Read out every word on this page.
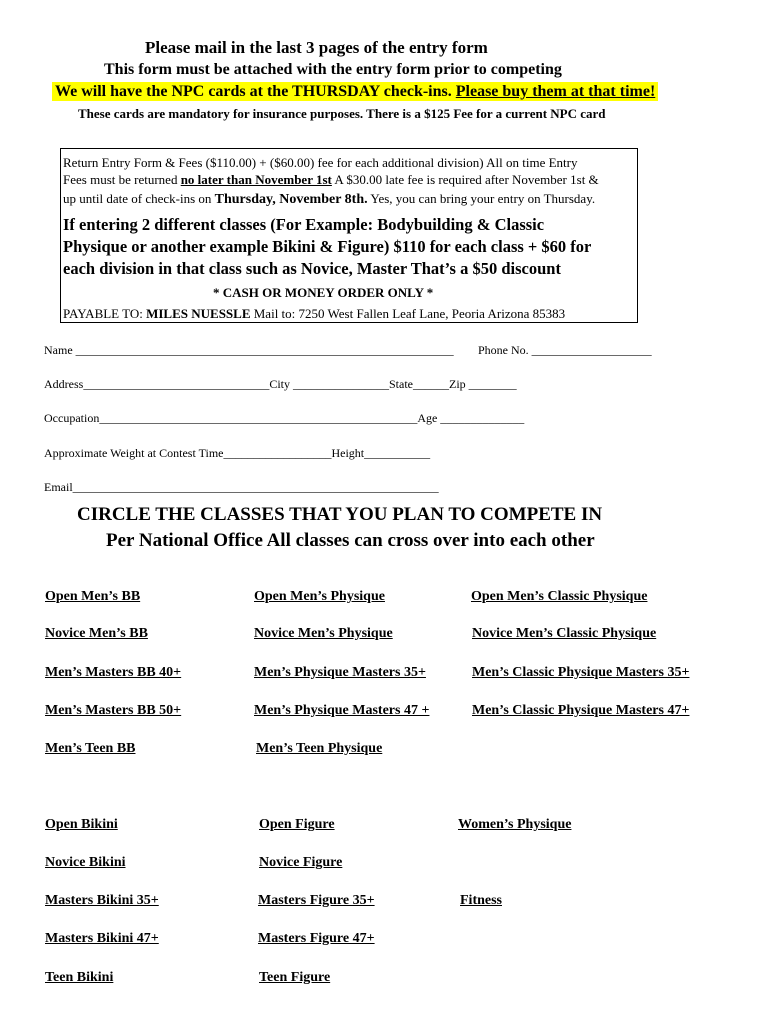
Please mail in the last 3 pages of the entry form
This form must be attached with the entry form prior to competing
We will have the NPC cards at the THURSDAY check-ins. Please buy them at that time!
These cards are mandatory for insurance purposes. There is a $125 Fee for a current NPC card
Return Entry Form & Fees ($110.00) + ($60.00) fee for each additional division) All on time Entry
Fees must be returned no later than November 1st A $30.00 late fee is required after November 1st &
up until date of check-ins on Thursday, November 8th. Yes, you can bring your entry on Thursday.
If entering 2 different classes (For Example: Bodybuilding & Classic
Physique or another example Bikini & Figure) $110 for each class + $60 for
each division in that class such as Novice, Master That’s a $50 discount
* CASH OR MONEY ORDER ONLY *
PAYABLE TO: MILES NUESSLE Mail to: 7250 West Fallen Leaf Lane, Peoria Arizona 85383
Name _______________________________________________________________ Phone No. ____________________
Address_______________________________City ________________State______Zip ________
Occupation_____________________________________________________Age ______________
Approximate Weight at Contest Time__________________Height___________
Email_____________________________________________________________
CIRCLE THE CLASSES THAT YOU PLAN TO COMPETE IN
Per National Office All classes can cross over into each other
Open Men’s BB	Open Men’s Physique	Open Men’s Classic Physique
Novice Men’s BB	Novice Men’s Physique	Novice Men’s Classic Physique
Men’s Masters BB 40+	Men’s Physique Masters 35+	Men’s Classic Physique Masters 35+
Men’s Masters BB 50+	Men’s Physique Masters 47 +	Men’s Classic Physique Masters 47+
Men’s Teen BB	Men’s Teen Physique
Open Bikini	Open Figure	Women’s Physique
Novice Bikini	Novice Figure
Masters Bikini 35+	Masters Figure 35+	Fitness
Masters Bikini 47+	Masters Figure 47+
Teen Bikini	Teen Figure
